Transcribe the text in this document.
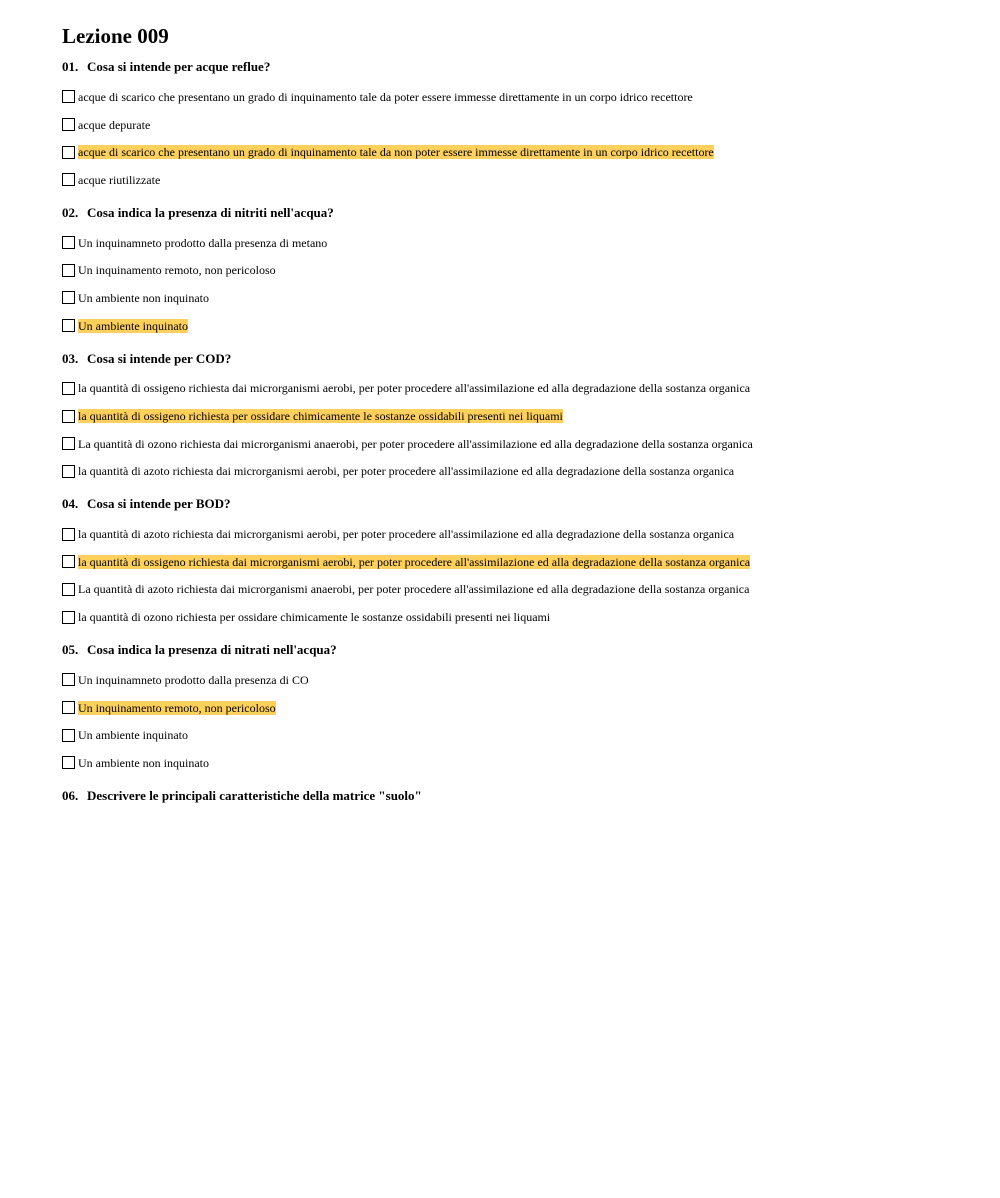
Lezione 009
01. Cosa si intende per acque reflue?
acque di scarico che presentano un grado di inquinamento tale da poter essere immesse direttamente in un corpo idrico recettore
acque depurate
acque di scarico che presentano un grado di inquinamento tale da non poter essere immesse direttamente in un corpo idrico recettore
acque riutilizzate
02. Cosa indica la presenza di nitriti nell'acqua?
Un inquinamneto prodotto dalla presenza di metano
Un inquinamento remoto, non pericoloso
Un ambiente non inquinato
Un ambiente inquinato
03. Cosa si intende per COD?
la quantità di ossigeno richiesta dai microrganismi aerobi, per poter procedere all'assimilazione ed alla degradazione della sostanza organica
la quantità di ossigeno richiesta per ossidare chimicamente le sostanze ossidabili presenti nei liquami
La quantità di ozono richiesta dai microrganismi anaerobi, per poter procedere all'assimilazione ed alla degradazione della sostanza organica
la quantità di azoto richiesta dai microrganismi aerobi, per poter procedere all'assimilazione ed alla degradazione della sostanza organica
04. Cosa si intende per BOD?
la quantità di azoto richiesta dai microrganismi aerobi, per poter procedere all'assimilazione ed alla degradazione della sostanza organica
la quantità di ossigeno richiesta dai microrganismi aerobi, per poter procedere all'assimilazione ed alla degradazione della sostanza organica
La quantità di azoto richiesta dai microrganismi anaerobi, per poter procedere all'assimilazione ed alla degradazione della sostanza organica
la quantità di ozono richiesta per ossidare chimicamente le sostanze ossidabili presenti nei liquami
05. Cosa indica la presenza di nitrati nell'acqua?
Un inquinamneto prodotto dalla presenza di CO
Un inquinamento remoto, non pericoloso
Un ambiente inquinato
Un ambiente non inquinato
06. Descrivere le principali caratteristiche della matrice "suolo"
